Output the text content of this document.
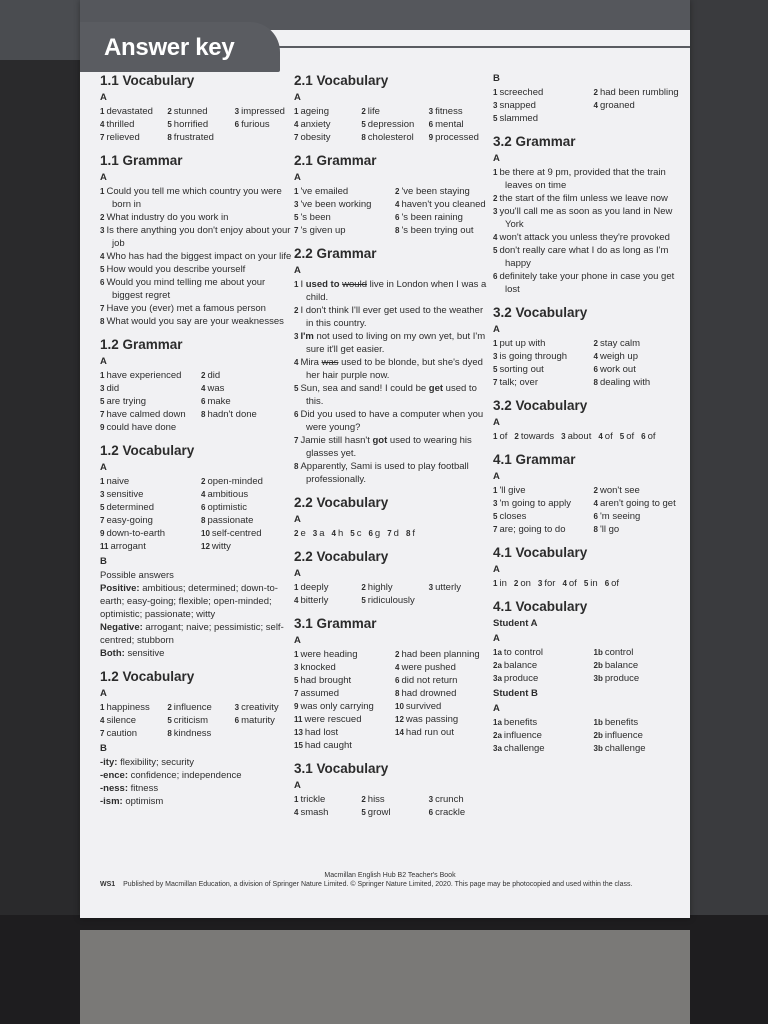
Answer key
1.1 Vocabulary
A
1 devastated	2 stunned	3 impressed
4 thrilled	5 horrified	6 furious
7 relieved	8 frustrated
1.1 Grammar
A
1 Could you tell me which country you were born in
2 What industry do you work in
3 Is there anything you don't enjoy about your job
4 Who has had the biggest impact on your life
5 How would you describe yourself
6 Would you mind telling me about your biggest regret
7 Have you (ever) met a famous person
8 What would you say are your weaknesses
1.2 Grammar
A
1 have experienced	2 did
3 did	4 was
5 are trying	6 make
7 have calmed down	8 hadn't done
9 could have done
1.2 Vocabulary
A
1 naive	2 open-minded
3 sensitive	4 ambitious
5 determined	6 optimistic
7 easy-going	8 passionate
9 down-to-earth	10 self-centred
11 arrogant	12 witty
B
Possible answers
Positive: ambitious; determined; down-to-earth; easy-going; flexible; open-minded; optimistic; passionate; witty
Negative: arrogant; naive; pessimistic; self-centred; stubborn
Both: sensitive
1.2 Vocabulary
A
1 happiness	2 influence	3 creativity
4 silence	5 criticism	6 maturity
7 caution	8 kindness
B
-ity: flexibility; security
-ence: confidence; independence
-ness: fitness
-ism: optimism
2.1 Vocabulary
A
1 ageing	2 life	3 fitness
4 anxiety	5 depression	6 mental
7 obesity	8 cholesterol	9 processed
2.1 Grammar
A
1 've emailed	2 've been staying
3 've been working	4 haven't you cleaned
5 's been	6 's been raining
7 's given up	8 's been trying out
2.2 Grammar
A
1 I used to would live in London when I was a child.
2 I don't think I'll ever get used to the weather in this country.
3 I'm not used to living on my own yet, but I'm sure it'll get easier.
4 Mira was used to be blonde, but she's dyed her hair purple now.
5 Sun, sea and sand! I could be get used to this.
6 Did you used to have a computer when you were young?
7 Jamie still hasn't got used to wearing his glasses yet.
8 Apparently, Sami is used to play football professionally.
2.2 Vocabulary
A
2 e 3 a 4 h 5 c 6 g 7 d 8 f
2.2 Vocabulary
A
1 deeply	2 highly	3 utterly
4 bitterly	5 ridiculously
3.1 Grammar
A
1 were heading	2 had been planning
3 knocked	4 were pushed
5 had brought	6 did not return
7 assumed	8 had drowned
9 was only carrying	10 survived
11 were rescued	12 was passing
13 had lost	14 had run out
15 had caught
3.1 Vocabulary
A
1 trickle	2 hiss	3 crunch
4 smash	5 growl	6 crackle
B
1 screeched	2 had been rumbling
3 snapped	4 groaned
5 slammed
3.2 Grammar
A
1 be there at 9 pm, provided that the train leaves on time
2 the start of the film unless we leave now
3 you'll call me as soon as you land in New York
4 won't attack you unless they're provoked
5 don't really care what I do as long as I'm happy
6 definitely take your phone in case you get lost
3.2 Vocabulary
A
1 put up with	2 stay calm
3 is going through	4 weigh up
5 sorting out	6 work out
7 talk; over	8 dealing with
3.2 Vocabulary
A
1 of 2 towards 3 about 4 of 5 of 6 of
4.1 Grammar
A
1 'll give	2 won't see
3 'm going to apply	4 aren't going to get
5 closes	6 'm seeing
7 are; going to do	8 'll go
4.1 Vocabulary
A
1 in 2 on 3 for 4 of 5 in 6 of
4.1 Vocabulary
Student A
A
1a to control	1b control
2a balance	2b balance
3a produce	3b produce
Student B
A
1a benefits	1b benefits
2a influence	2b influence
3a challenge	3b challenge
Macmillan English Hub B2 Teacher's Book
WS1 Published by Macmillan Education, a division of Springer Nature Limited. © Springer Nature Limited, 2020. This page may be photocopied and used within the class.
